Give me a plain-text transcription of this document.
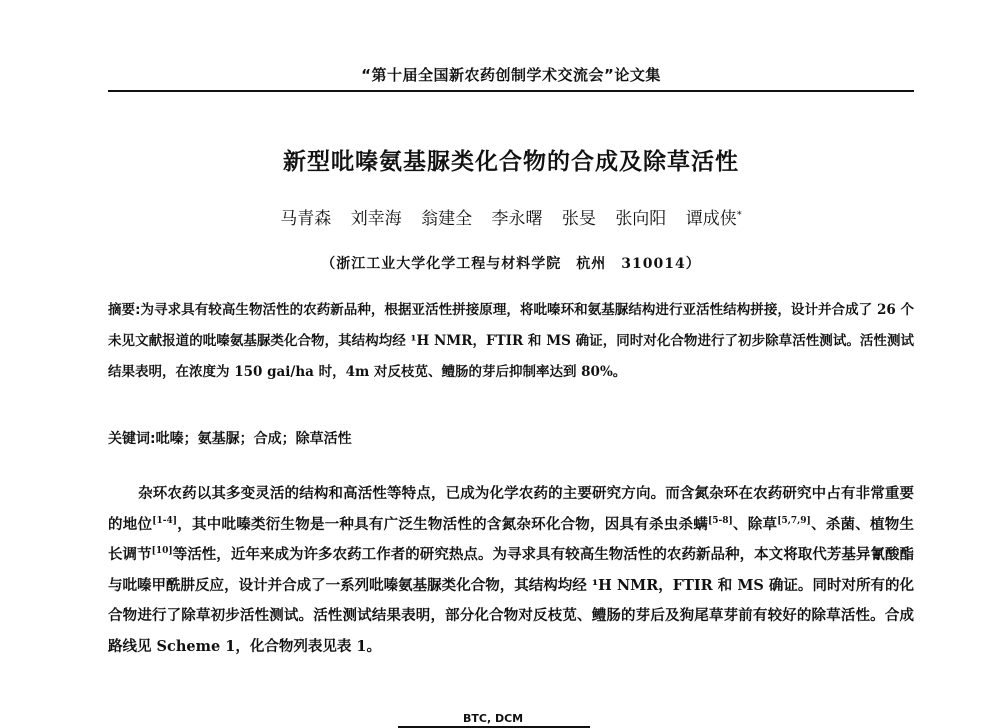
“第十届全国新农药创制学术交流会”论文集
新型吡嗪氨基脲类化合物的合成及除草活性
马青森 刘幸海 翁建全 李永曙 张旻 张向阳 谭成侠*
（浙江工业大学化学工程与材料学院　杭州　310014）
摘要:为寻求具有较高生物活性的农药新品种，根据亚活性拼接原理，将吡嗪环和氨基脲结构进行亚活性结构拼接，设计并合成了 26 个未见文献报道的吡嗪氨基脲类化合物，其结构均经 ¹H NMR，FTIR 和 MS 确证，同时对化合物进行了初步除草活性测试。活性测试结果表明，在浓度为 150 gai/ha 时，4m 对反枝苋、鳢肠的芽后抑制率达到 80%。
关键词:吡嗪；氨基脲；合成；除草活性
杂环农药以其多变灵活的结构和高活性等特点，已成为化学农药的主要研究方向。而含氮杂环在农药研究中占有非常重要的地位[1-4]，其中吡嗪类衍生物是一种具有广泛生物活性的含氮杂环化合物，因具有杀虫杀螨[5-8]、除草[5,7,9]、杀菌、植物生长调节[10]等活性，近年来成为许多农药工作者的研究热点。为寻求具有较高生物活性的农药新品种，本文将取代芳基异氰酸酯与吡嗪甲酰肼反应，设计并合成了一系列吡嗪氨基脲类化合物，其结构均经 ¹H NMR，FTIR 和 MS 确证。同时对所有的化合物进行了除草初步活性测试。活性测试结果表明，部分化合物对反枝苋、鳢肠的芽后及狗尾草芽前有较好的除草活性。合成路线见 Scheme 1，化合物列表见表 1。
BTC, DCM
